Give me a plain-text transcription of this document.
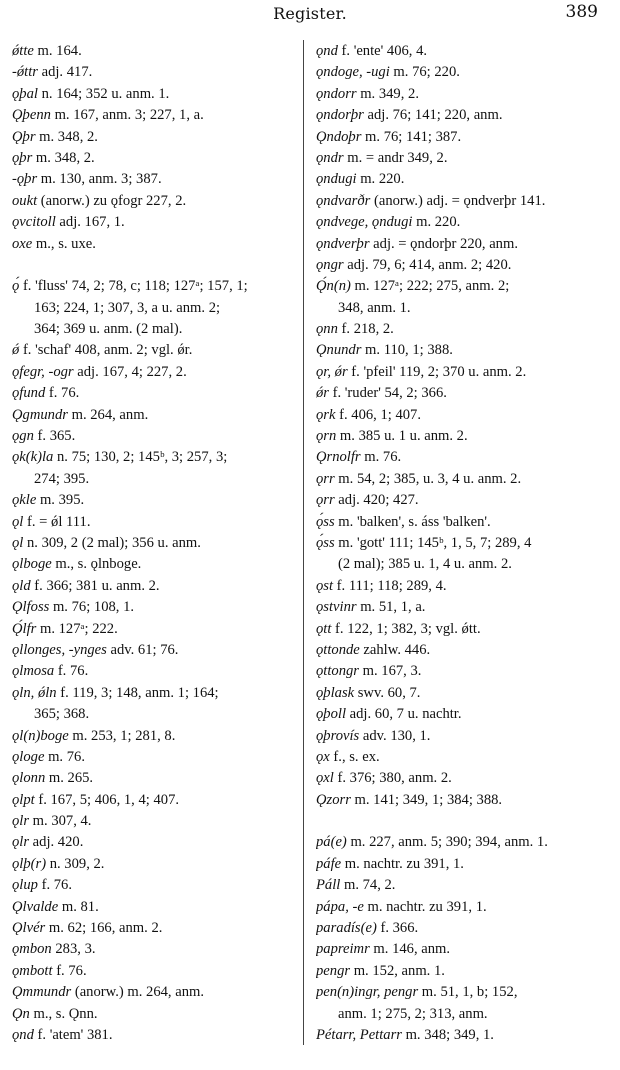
Register.	389
ǿtte m. 164.
-ǿttr adj. 417.
ǫþal n. 164; 352 u. anm. 1.
Ǫþenn m. 167, anm. 3; 227, 1, a.
Ǫþr m. 348, 2.
ǫþr m. 348, 2.
-ǫþr m. 130, anm. 3; 387.
oukt (anorw.) zu ǫfogr 227, 2.
ǫvcitoll adj. 167, 1.
oxe m., s. uxe.
ǫ́ f. 'fluss' 74, 2; 78, c; 118; 127ᵃ; 157, 1;
163; 224, 1; 307, 3, a u. anm. 2;
364; 369 u. anm. (2 mal).
ǿ f. 'schaf' 408, anm. 2; vgl. ǿr.
ǫfegr, -ogr adj. 167, 4; 227, 2.
ǫfund f. 76.
Ǫgmundr m. 264, anm.
ǫgn f. 365.
ǫk(k)la n. 75; 130, 2; 145ᵇ, 3; 257, 3;
274; 395.
ǫkle m. 395.
ǫl f. = ǿl 111.
ǫl n. 309, 2 (2 mal); 356 u. anm.
ǫlboge m., s. ǫlnboge.
ǫld f. 366; 381 u. anm. 2.
Ǫlfoss m. 76; 108, 1.
Ǫ́lfr m. 127ᵃ; 222.
ǫllonges, -ynges adv. 61; 76.
ǫlmosa f. 76.
ǫln, ǿln f. 119, 3; 148, anm. 1; 164;
365; 368.
ǫl(n)boge m. 253, 1; 281, 8.
ǫloge m. 76.
ǫlonn m. 265.
ǫlpt f. 167, 5; 406, 1, 4; 407.
ǫlr m. 307, 4.
ǫlr adj. 420.
ǫlþ(r) n. 309, 2.
ǫlup f. 76.
Ǫlvalde m. 81.
Ǫlvér m. 62; 166, anm. 2.
ǫmbon 283, 3.
ǫmbott f. 76.
Ǫmmundr (anorw.) m. 264, anm.
Ǫn m., s. Ǫnn.
ǫnd f. 'atem' 381.
ǫnd f. 'ente' 406, 4.
ǫndoge, -ugi m. 76; 220.
ǫndorr m. 349, 2.
ǫndorþr adj. 76; 141; 220, anm.
Ǫndoþr m. 76; 141; 387.
ǫndr m. = andr 349, 2.
ǫndugi m. 220.
ǫndvarðr (anorw.) adj. = ǫndverþr 141.
ǫndvege, ǫndugi m. 220.
ǫndverþr adj. = ǫndorþr 220, anm.
ǫngr adj. 79, 6; 414, anm. 2; 420.
Ǫ́n(n) m. 127ᵃ; 222; 275, anm. 2;
348, anm. 1.
ǫnn f. 218, 2.
Ǫnundr m. 110, 1; 388.
ǫr, ǿr f. 'pfeil' 119, 2; 370 u. anm. 2.
ǿr f. 'ruder' 54, 2; 366.
ǫrk f. 406, 1; 407.
ǫrn m. 385 u. 1 u. anm. 2.
Ǫrnolfr m. 76.
ǫrr m. 54, 2; 385, u. 3, 4 u. anm. 2.
ǫrr adj. 420; 427.
ǫ́ss m. 'balken', s. áss 'balken'.
ǫ́ss m. 'gott' 111; 145ᵇ, 1, 5, 7; 289, 4
(2 mal); 385 u. 1, 4 u. anm. 2.
ǫst f. 111; 118; 289, 4.
ǫstvinr m. 51, 1, a.
ǫtt f. 122, 1; 382, 3; vgl. ǿtt.
ǫttonde zahlw. 446.
ǫttongr m. 167, 3.
ǫþlask swv. 60, 7.
ǫþoll adj. 60, 7 u. nachtr.
ǫþrovís adv. 130, 1.
ǫx f., s. ex.
ǫxl f. 376; 380, anm. 2.
Ǫzorr m. 141; 349, 1; 384; 388.
pá(e) m. 227, anm. 5; 390; 394, anm. 1.
páfe m. nachtr. zu 391, 1.
Páll m. 74, 2.
pápa, -e m. nachtr. zu 391, 1.
paradís(e) f. 366.
papreimr m. 146, anm.
pengr m. 152, anm. 1.
pen(n)ingr, pengr m. 51, 1, b; 152,
anm. 1; 275, 2; 313, anm.
Pétarr, Pettarr m. 348; 349, 1.
